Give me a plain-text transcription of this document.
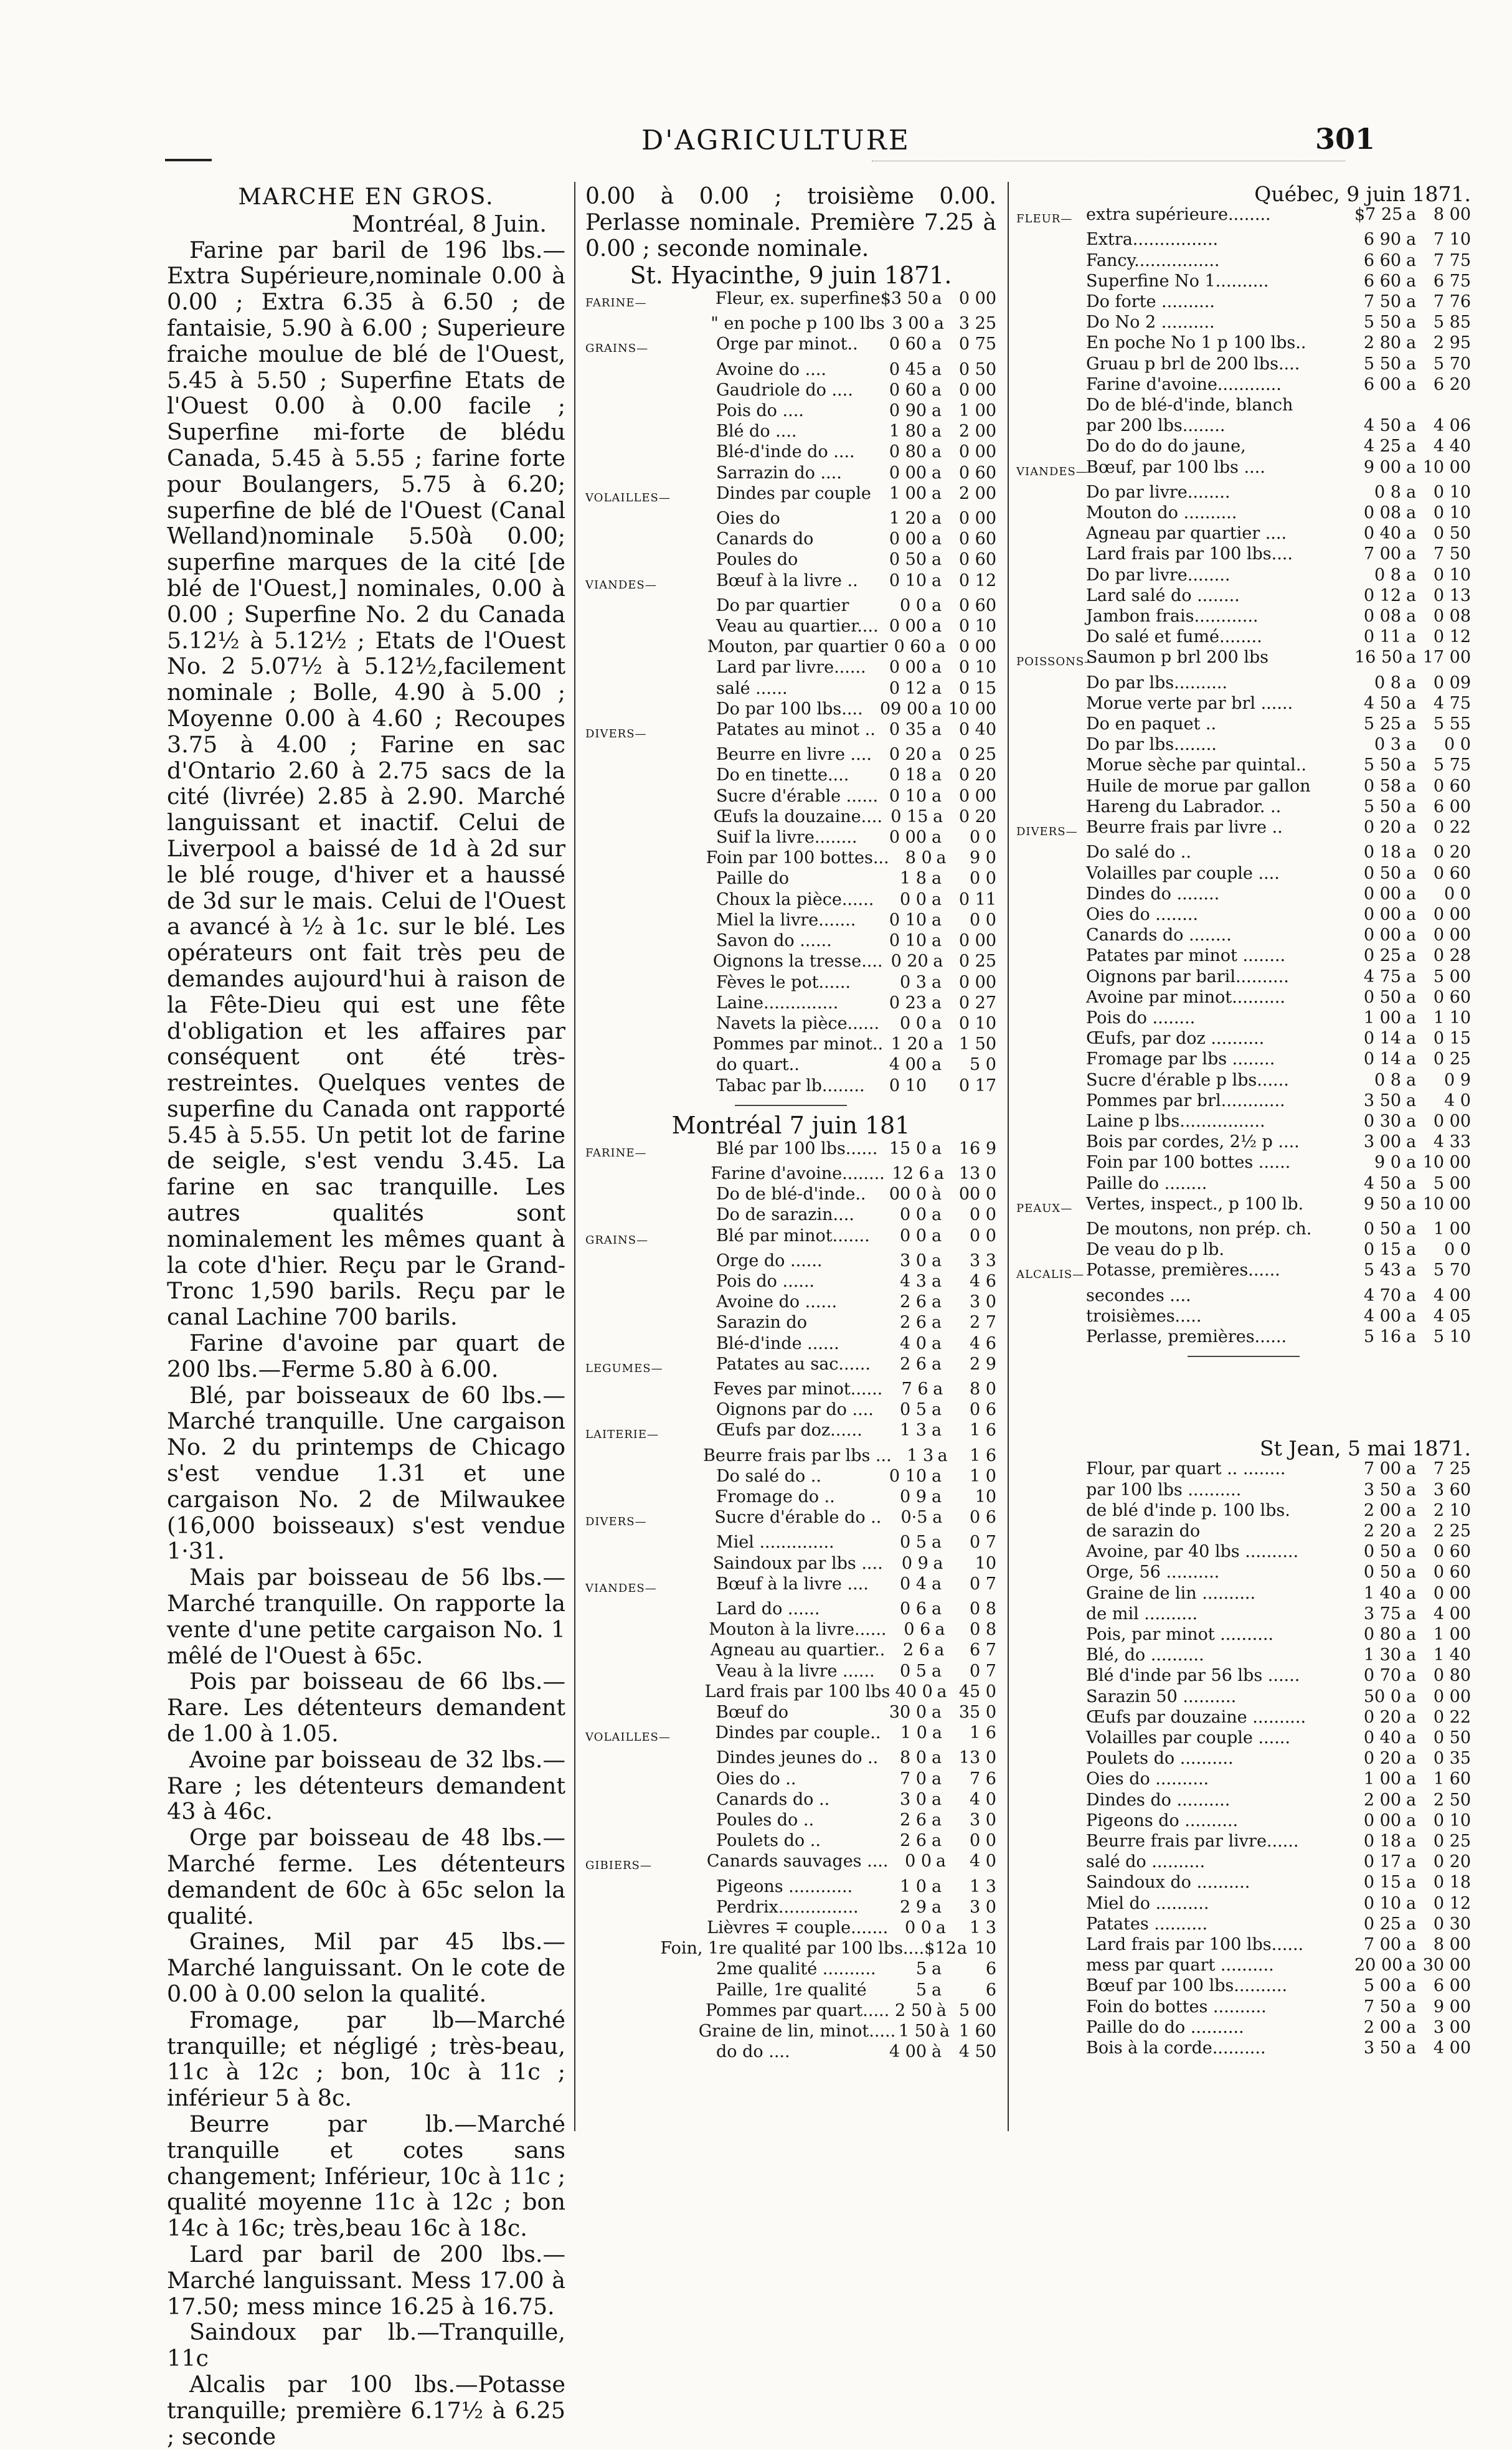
D'AGRICULTURE	301
MARCHE EN GROS.
Montréal, 8 Juin.

Farine par baril de 196 lbs.—Extra Supérieure,nominale 0.00 à 0.00 ; Extra 6.35 à 6.50 ; de fantaisie, 5.90 à 6.00 ; Superieure fraiche moulue de blé de l'Ouest, 5.45 à 5.50 ; Superfine Etats de l'Ouest 0.00 à 0.00 facile ; Superfine mi-forte de blédu Canada, 5.45 à 5.55 ; farine forte pour Boulangers, 5.75 à 6.20; superfine de blé de l'Ouest (Canal Welland)nominale 5.50à 0.00; superfine marques de la cité [de blé de l'Ouest,] nominales, 0.00 à 0.00 ; Superfine No. 2 du Canada 5.12½ à 5.12½ ; Etats de l'Ouest No. 2 5.07½ à 5.12½,facilement nominale ; Bolle, 4.90 à 5.00 ; Moyenne 0.00 à 4.60 ; Recoupes 3.75 à 4.00 ; Farine en sac d'Ontario 2.60 à 2.75 sacs de la cité (livrée) 2.85 à 2.90. Marché languissant et inactif. Celui de Liverpool a baissé de 1d à 2d sur le blé rouge, d'hiver et a haussé de 3d sur le mais. Celui de l'Ouest a avancé à ½ à 1c. sur le blé. Les opérateurs ont fait très peu de demandes aujourd'hui à raison de la Fête-Dieu qui est une fête d'obligation et les affaires par conséquent ont été très-restreintes. Quelques ventes de superfine du Canada ont rapporté 5.45 à 5.55. Un petit lot de farine de seigle, s'est vendu 3.45. La farine en sac tranquille. Les autres qualités sont nominalement les mêmes quant à la cote d'hier. Reçu par le Grand-Tronc 1,590 barils. Reçu par le canal Lachine 700 barils.

Farine d'avoine par quart de 200 lbs.—Ferme 5.80 à 6.00.

Blé, par boisseaux de 60 lbs.—Marché tranquille. Une cargaison No. 2 du printemps de Chicago s'est vendue 1.31 et une cargaison No. 2 de Milwaukee (16,000 boisseaux) s'est vendue 1·31.

Mais par boisseau de 56 lbs.—Marché tranquille. On rapporte la vente d'une petite cargaison No. 1 mêlé de l'Ouest à 65c.

Pois par boisseau de 66 lbs.—Rare. Les détenteurs demandent de 1.00 à 1.05.

Avoine par boisseau de 32 lbs.—Rare ; les détenteurs demandent 43 à 46c.

Orge par boisseau de 48 lbs.—Marché ferme. Les détenteurs demandent de 60c à 65c selon la qualité.

Graines, Mil par 45 lbs.—Marché languissant. On le cote de 0.00 à 0.00 selon la qualité.

Fromage, par lb—Marché tranquille; et négligé ; très-beau, 11c à 12c ; bon, 10c à 11c ; inférieur 5 à 8c.

Beurre par lb.—Marché tranquille et cotes sans changement; Inférieur, 10c à 11c ; qualité moyenne 11c à 12c ; bon 14c à 16c; très,beau 16c à 18c.

Lard par baril de 200 lbs.—Marché languissant. Mess 17.00 à 17.50; mess mince 16.25 à 16.75.

Saindoux par lb.—Tranquille, 11c

Alcalis par 100 lbs.—Potasse tranquille; première 6.17½ à 6.25 ; seconde

0.00 à 0.00 ; troisième 0.00. Perlasse nominale. Première 7.25 à 0.00 ; seconde nominale.
St. Hyacinthe, 9 juin 1871.
FARINE—	Fleur, ex. superfine $3 50 a	0 00
" en poche p 100 lbs 3 00 a 3 25
GRAINS—	Orge par minot..	0 60 a	0 75
Avoine do ....	0 45 a	0 50
Gaudriole do ....	0 60 a	0 00
Pois do ....	0 90 a	1 00
Blé do ....	1 80 a	2 00
Blé-d'inde do ....	0 80 a	0 00
Sarrazin do ....	0 00 a	0 60
VOLAILLES—	Dindes par couple	1 00 a	2 00
Oies do	1 20 a	0 00
Canards do	0 00 a	0 60
Poules do	0 50 a	0 60
VIANDES—	Bœuf à la livre ..	0 10 a	0 12
Do par quartier	0 0 a	0 60
Veau au quartier.... 0 00 a	0 10
Mouton, par quartier 0 60 a 0 00
Lard par livre......	0 00 a	0 10
salé ......	0 12 a	0 15
Do par 100 lbs....	09 00 a 10 00
DIVERS—	Patates au minot .. 0 35 a	0 40
Beurre en livre ....	0 20 a	0 25
Do en tinette....	0 18 a	0 20
Sucre d'érable ...... 0 10 a	0 00
Œufs la douzaine.... 0 15 a 0 20
Suif la livre........	0 00 a	0 0
Foin par 100 bottes... 8 0 a	9 0
Paille do	1 8 a	0 0
Choux la pièce......	0 0 a	0 11
Miel la livre.......	0 10 a	0 0
Savon do ......	0 10 a	0 00
Oignons la tresse.... 0 20 a 0 25
Fèves le pot......	0 3 a	0 00
Laine..............	0 23 a	0 27
Navets la pièce......	0 0 a	0 10
Pommes par minot.. 1 20 a 1 50
do quart..	4 00 a	5 0
Tabac par lb........	0 10	0 17
Montréal 7 juin 181
FARINE—	Blé par 100 lbs...... 15 0 a	16 9
Farine d'avoine........ 12 6 a 13 0
Do de blé-d'inde..	00 0 à	00 0
Do de sarazin....	0 0 a	0 0
GRAINS—	Blé par minot.......	0 0 a	0 0
Orge do ......	3 0 a	3 3
Pois do ......	4 3 a	4 6
Avoine do ......	2 6 a	3 0
Sarazin do	2 6 a	2 7
Blé-d'inde ......	4 0 a	4 6
LEGUMES—	Patates au sac......	2 6 a	2 9
Feves par minot......	7 6 a	8 0
Oignons par do ....	0 5 a	0 6
LAITERIE—	Œufs par doz......	1 3 a	1 6
Beurre frais par lbs ... 1 3 a	1 6
Do salé do ..	0 10 a	1 0
Fromage do ..	0 9 a	10
DIVERS—	Sucre d'érable do ..	0·5 a	0 6
Miel ..............	0 5 a	0 7
Saindoux par lbs ....	0 9 a	10
VIANDES—	Bœuf à la livre ....	0 4 a	0 7
Lard do ......	0 6 a	0 8
Mouton à la livre......	0 6 a	0 8
Agneau au quartier..	2 6 a	6 7
Veau à la livre ......	0 5 a	0 7
Lard frais par 100 lbs 40 0 a 45 0
Bœuf do	30 0 a	35 0
VOLAILLES—	Dindes par couple..	1 0 a	1 6
Dindes jeunes do ..	8 0 a	13 0
Oies do ..	7 0 a	7 6
Canards do ..	3 0 a	4 0
Poules do ..	2 6 a	3 0
Poulets do ..	2 6 a	0 0
GIBIERS—	Canards sauvages .... 0 0 a	4 0
Pigeons ............	1 0 a	1 3
Perdrix...............	2 9 a	3 0
Lièvres ∓ couple....... 0 0 a	1 3
Foin, 1re qualité par 100 lbs.... $12 a 10
2me qualité ..........	5 a	6
Paille, 1re qualité	5 a	6
Pommes par quart..... 2 50 à 5 00
Graine de lin, minot..... 1 50 à 1 60
do do ....	4 00 à	4 50
Québec, 9 juin 1871.
FLEUR— extra supérieure........	$7 25 a	8 00
Extra................	6 90 a	7 10
Fancy................	6 60 a	7 75
Superfine No 1..........	6 60 a	6 75
Do forte ..........	7 50 a	7 76
Do No 2 ..........	5 50 a	5 85
En poche No 1 p 100 lbs..	2 80 a	2 95
Gruau p brl de 200 lbs....	5 50 a	5 70
Farine d'avoine............	6 00 a	6 20
Do de blé-d'inde, blanch
par 200 lbs........	4 50 a	4 06
Do do do do jaune,	4 25 a	4 40
VIANDES—
Bœuf, par 100 lbs ....	9 00 a 10 00
Do par livre........	0 8 a	0 10
Mouton do ..........	0 08 a	0 10
Agneau par quartier ....	0 40 a	0 50
Lard frais par 100 lbs....	7 00 a	7 50
Do par livre........	0 8 a	0 10
Lard salé do ........	0 12 a	0 13
Jambon frais............	0 08 a	0 08
Do salé et fumé........	0 11 a	0 12
POISSONS—
Saumon p brl 200 lbs	16 50 a 17 00
Do par lbs..........	0 8 a	0 09
Morue verte par brl ......	4 50 a	4 75
Do en paquet ..	5 25 a	5 55
Do par lbs........	0 3 a	0 0
Morue sèche par quintal..	5 50 a	5 75
Huile de morue par gallon	0 58 a	0 60
Hareng du Labrador. ..	5 50 a	6 00
DIVERS— Beurre frais par livre ..	0 20 a	0 22
Do salé do ..	0 18 a	0 20
Volailles par couple ....	0 50 a	0 60
Dindes do ........	0 00 a	0 0
Oies do ........	0 00 a	0 00
Canards do ........	0 00 a	0 00
Patates par minot ........	0 25 a	0 28
Oignons par baril..........	4 75 a	5 00
Avoine par minot..........	0 50 a	0 60
Pois do ........	1 00 a	1 10
Œufs, par doz ..........	0 14 a	0 15
Fromage par lbs ........	0 14 a	0 25
Sucre d'érable p lbs......	0 8 a	0 9
Pommes par brl............	3 50 a	4 0
Laine p lbs................	0 30 a	0 00
Bois par cordes, 2½ p ....	3 00 a	4 33
Foin par 100 bottes ......	9 0 a 10 00
Paille do ........	4 50 a	5 00
PEAUX— Vertes, inspect., p 100 lb.	9 50 a 10 00
De moutons, non prép. ch.	0 50 a	1 00
De veau do p lb.	0 15 a	0 0
ALCALIS— Potasse, premières......	5 43 a	5 70
secondes ....	4 70 a	4 00
troisièmes.....	4 00 a	4 05
Perlasse, premières......	5 16 a	5 10
St Jean, 5 mai 1871.
Flour, par quart .. ........	7 00 a	7 25
par 100 lbs ..........	3 50 a	3 60
de blé d'inde p. 100 lbs.	2 00 a	2 10
de sarazin do	2 20 a	2 25
Avoine, par 40 lbs ..........	0 50 a	0 60
Orge, 56 ..........	0 50 a	0 60
Graine de lin ..........	1 40 a	0 00
de mil ..........	3 75 a	4 00
Pois, par minot ..........	0 80 a	1 00
Blé, do ..........	1 30 a	1 40
Blé d'inde par 56 lbs ......	0 70 a	0 80
Sarazin 50 ..........	50 0 a	0 00
Œufs par douzaine ..........	0 20 a	0 22
Volailles par couple ......	0 40 a	0 50
Poulets do ..........	0 20 a	0 35
Oies do ..........	1 00 a	1 60
Dindes do ..........	2 00 a	2 50
Pigeons do ..........	0 00 a	0 10
Beurre frais par livre......	0 18 a	0 25
salé do ..........	0 17 a	0 20
Saindoux do ..........	0 15 a	0 18
Miel do ..........	0 10 a	0 12
Patates ..........	0 25 a	0 30
Lard frais par 100 lbs......	7 00 a	8 00
mess par quart ..........	20 00 a 30 00
Bœuf par 100 lbs..........	5 00 a	6 00
Foin do bottes ..........	7 50 a	9 00
Paille do do ..........	2 00 a	3 00
Bois à la corde..........	3 50 a	4 00
